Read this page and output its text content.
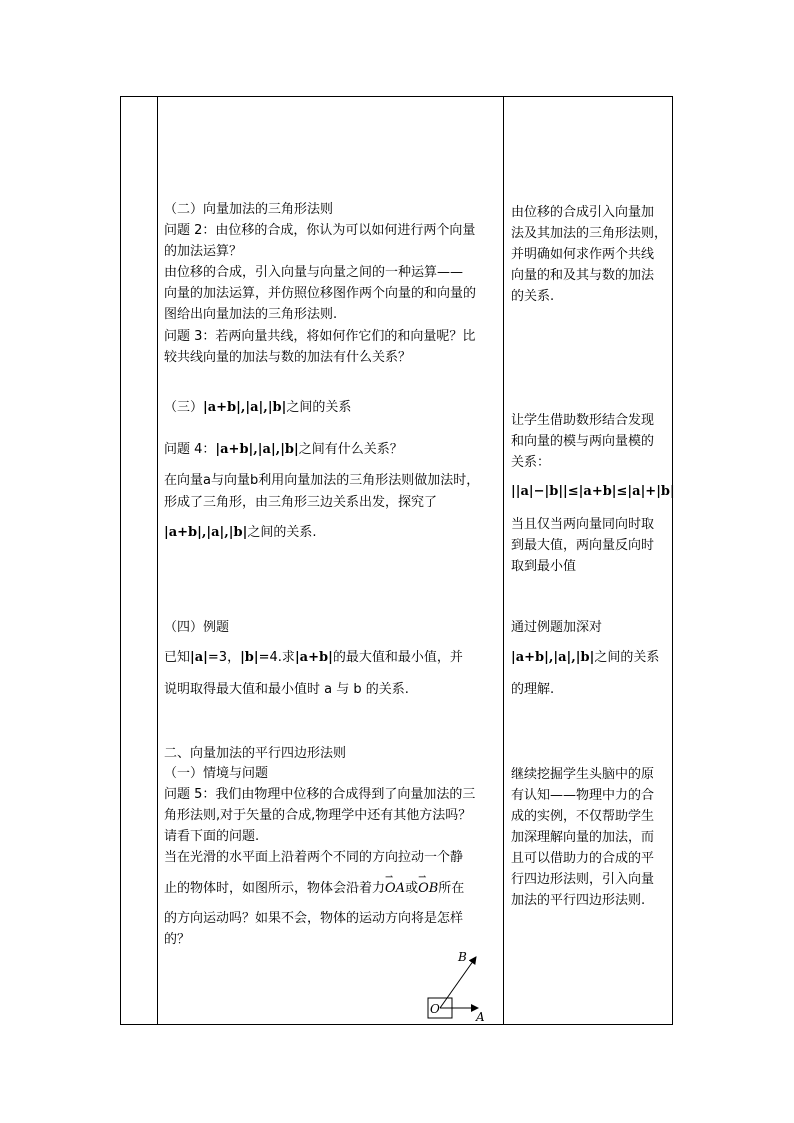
（二）向量加法的三角形法则
问题 2：由位移的合成，你认为可以如何进行两个向量
的加法运算？
由位移的合成，引入向量与向量之间的一种运算——
向量的加法运算，并仿照位移图作两个向量的和向量的
图给出向量加法的三角形法则.
问题 3：若两向量共线，将如何作它们的和向量呢？比
较共线向量的加法与数的加法有什么关系？
（三）|a+b|,|a|,|b|之间的关系
问题 4：|a+b|,|a|,|b|之间有什么关系？
在向量a与向量b利用向量加法的三角形法则做加法时，
形成了三角形，由三角形三边关系出发，探究了
|a+b|,|a|,|b|之间的关系.
（四）例题
已知|a|=3，|b|=4.求|a+b|的最大值和最小值，并
说明取得最大值和最小值时 a 与 b 的关系.
二、向量加法的平行四边形法则
（一）情境与问题
问题 5：我们由物理中位移的合成得到了向量加法的三
角形法则,对于矢量的合成,物理学中还有其他方法吗？
请看下面的问题.
当在光滑的水平面上沿着两个不同的方向拉动一个静
止的物体时，如图所示，物体会沿着力⇀ OA或⇀ OB所在
的方向运动吗？如果不会，物体的运动方向将是怎样
的？
O
A
B
由位移的合成引入向量加
法及其加法的三角形法则，
并明确如何求作两个共线
向量的和及其与数的加法
的关系.
让学生借助数形结合发现
和向量的模与两向量模的
关系：
||a|−|b||≤|a+b|≤|a|+|b|
当且仅当两向量同向时取
到最大值，两向量反向时
取到最小值
通过例题加深对
|a+b|,|a|,|b|之间的关系
的理解.
继续挖掘学生头脑中的原
有认知——物理中力的合
成的实例，不仅帮助学生
加深理解向量的加法，而
且可以借助力的合成的平
行四边形法则，引入向量
加法的平行四边形法则.
